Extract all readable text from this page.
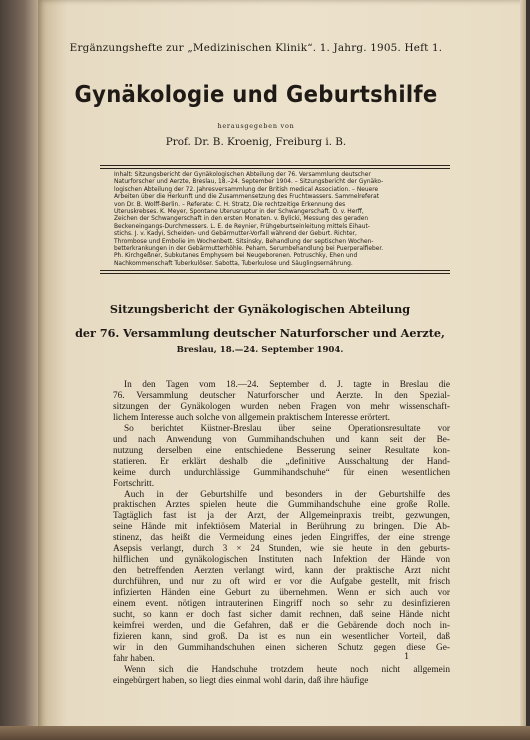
Ergänzungshefte zur „Medizinischen Klinik“. 1. Jahrg. 1905. Heft 1.
Gynäkologie und Geburtshilfe
herausgegeben von
Prof. Dr. B. Kroenig, Freiburg i. B.
Inhalt: Sitzungsbericht der Gynäkologischen Abteilung der 76. Versammlung deutscher
Naturforscher und Aerzte, Breslau, 18.–24. September 1904. – Sitzungsbericht der Gynäko-
logischen Abteilung der 72. Jahresversammlung der British medical Association. – Neuere
Arbeiten über die Herkunft und die Zusammensetzung des Fruchtwassers. Sammelreferat
von Dr. B. Wolff-Berlin. – Referate: C. H. Stratz, Die rechtzeitige Erkennung des
Uteruskrebses. K. Meyer, Spontane Uterusruptur in der Schwangerschaft. O. v. Herff,
Zeichen der Schwangerschaft in den ersten Monaten. v. Bylicki, Messung des geraden
Beckeneingangs-Durchmessers. L. E. de Reynier, Frühgeburtseinleitung mittels Eihaut-
stichs. J. v. Kadyi, Scheiden- und Gebärmutter-Vorfall während der Geburt. Richter,
Thrombose und Embolie im Wochenbett. Sitsinsky, Behandlung der septischen Wochen-
betterkrankungen in der Gebärmutterhöhle. Peham, Serumbehandlung bei Puerperalfieber.
Ph. Kirchgeßner, Subkutanes Emphysem bei Neugeborenen. Potruschky, Ehen und
Nachkommenschaft Tuberkulöser. Sabotta, Tuberkulose und Säuglingsernährung.
Sitzungsbericht der Gynäkologischen Abteilung
der 76. Versammlung deutscher Naturforscher und Aerzte,
Breslau, 18.—24. September 1904.
In den Tagen vom 18.—24. September d. J. tagte in Breslau die
76. Versammlung deutscher Naturforscher und Aerzte. In den Spezial-
sitzungen der Gynäkologen wurden neben Fragen von mehr wissenschaft-
lichem Interesse auch solche von allgemein praktischem Interesse erörtert.
So berichtet Küstner-Breslau über seine Operationsresultate vor
und nach Anwendung von Gummihandschuhen und kann seit der Be-
nutzung derselben eine entschiedene Besserung seiner Resultate kon-
statieren. Er erklärt deshalb die „definitive Ausschaltung der Hand-
keime durch undurchlässige Gummihandschuhe“ für einen wesentlichen
Fortschritt.
Auch in der Geburtshilfe und besonders in der Geburtshilfe des
praktischen Arztes spielen heute die Gummihandschuhe eine große Rolle.
Tagtäglich fast ist ja der Arzt, der Allgemeinpraxis treibt, gezwungen,
seine Hände mit infektiösem Material in Berührung zu bringen. Die Ab-
stinenz, das heißt die Vermeidung eines jeden Eingriffes, der eine strenge
Asepsis verlangt, durch 3 × 24 Stunden, wie sie heute in den geburts-
hilflichen und gynäkologischen Instituten nach Infektion der Hände von
den betreffenden Aerzten verlangt wird, kann der praktische Arzt nicht
durchführen, und nur zu oft wird er vor die Aufgabe gestellt, mit frisch
infizierten Händen eine Geburt zu übernehmen. Wenn er sich auch vor
einem event. nötigen intrauterinen Eingriff noch so sehr zu desinfizieren
sucht, so kann er doch fast sicher damit rechnen, daß seine Hände nicht
keimfrei werden, und die Gefahren, daß er die Gebärende doch noch in-
fizieren kann, sind groß. Da ist es nun ein wesentlicher Vorteil, daß
wir in den Gummihandschuhen einen sicheren Schutz gegen diese Ge-
fahr haben.
Wenn sich die Handschuhe trotzdem heute noch nicht allgemein
eingebürgert haben, so liegt dies einmal wohl darin, daß ihre häufige
1
